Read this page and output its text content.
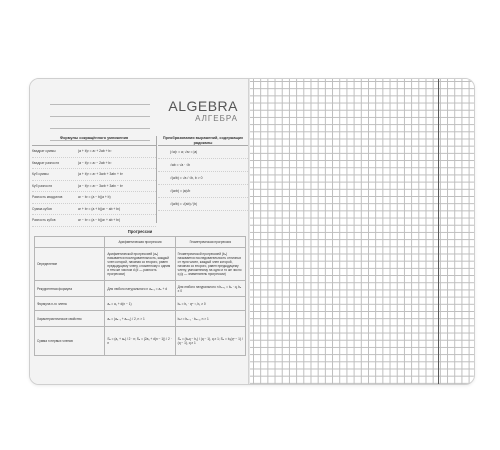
ALGEBRA
АЛГЕБРА
Формулы сокращённого умножения
Квадрат суммы	(a + b)² = a² + 2ab + b²
Квадрат разности	(a − b)² = a² − 2ab + b²
Куб суммы	(a + b)³ = a³ + 3a²b + 3ab² + b³
Куб разности	(a − b)³ = a³ − 3a²b + 3ab² − b³
Разность квадратов	a² − b² = (a − b)(a + b)
Сумма кубов	a³ + b³ = (a + b)(a² − ab + b²)
Разность кубов	a³ − b³ = (a − b)(a² + ab + b²)
Преобразования выражений, содержащих радикалы
(√a)² = a; √a² = |a|
√ab = √a · √b
√(a/b) = √a / √b, b > 0
√(a²b) = |a|√b
√(a/b) = √(ab) / |b|
Прогрессии
	Арифметическая прогрессия	Геометрическая прогрессия
Определение	Арифметической прогрессией (aₙ) называется последовательность, каждый член которой, начиная со второго, равен предыдущему члену, сложенному с одним и тем же числом d (d — разность прогрессии)	Геометрической прогрессией (bₙ) называется последовательность отличных от нуля чисел, каждый член которой, начиная со второго, равен предыдущему члену, умноженному на одно и то же число q (q — знаменатель прогрессии)
Рекуррентная формула	Для любого натурального n aₙ₊₁ = aₙ + d	Для любого натурального n bₙ₊₁ = bₙ · q, bₙ ≠ 0
Формула n-го члена	aₙ = a₁ + d(n − 1)	bₙ = b₁ · qⁿ⁻¹, b₁ ≠ 0
Характеристическое свойство	aₙ = (aₙ₋₁ + aₙ₊₁) / 2, n > 1	bₙ² = bₙ₋₁ · bₙ₊₁, n > 1
Сумма n первых членов	Sₙ = (a₁ + aₙ) / 2 · n; Sₙ = (2a₁ + d(n − 1)) / 2 · n	Sₙ = (bₙq − b₁) / (q − 1), q ≠ 1; Sₙ = b₁(qⁿ − 1) / (q − 1), q ≠ 1
